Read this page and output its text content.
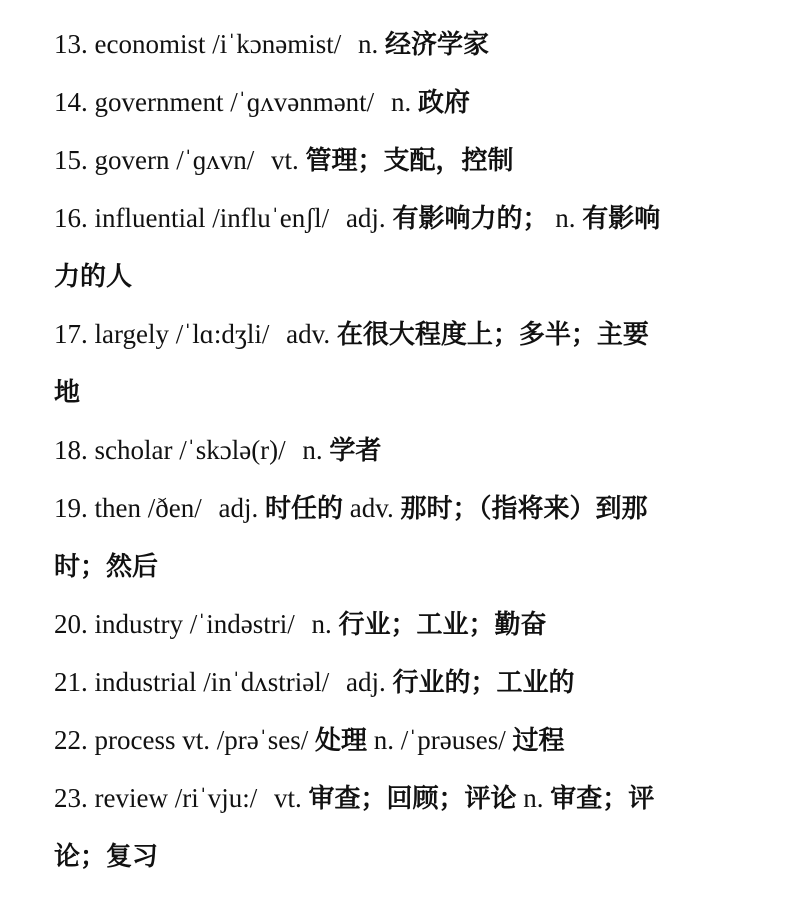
13. economist /iˈkɔnəmist/ n. 经济学家
14. government /ˈɡʌvənmənt/ n. 政府
15. govern /ˈɡʌvn/ vt. 管理；支配，控制
16. influential /influˈenʃl/ adj. 有影响力的； n. 有影响
力的人
17. largely /ˈlɑ:dʒli/ adv. 在很大程度上；多半；主要
地
18. scholar /ˈskɔlə(r)/ n. 学者
19. then /ðen/ adj. 时任的 adv. 那时；（指将来）到那
时；然后
20. industry /ˈindəstri/ n. 行业；工业；勤奋
21. industrial /inˈdʌstriəl/ adj. 行业的；工业的
22. process vt. /prəˈses/ 处理 n. /ˈprəuses/ 过程
23. review /riˈvju:/ vt. 审查；回顾；评论 n. 审查；评
论；复习
